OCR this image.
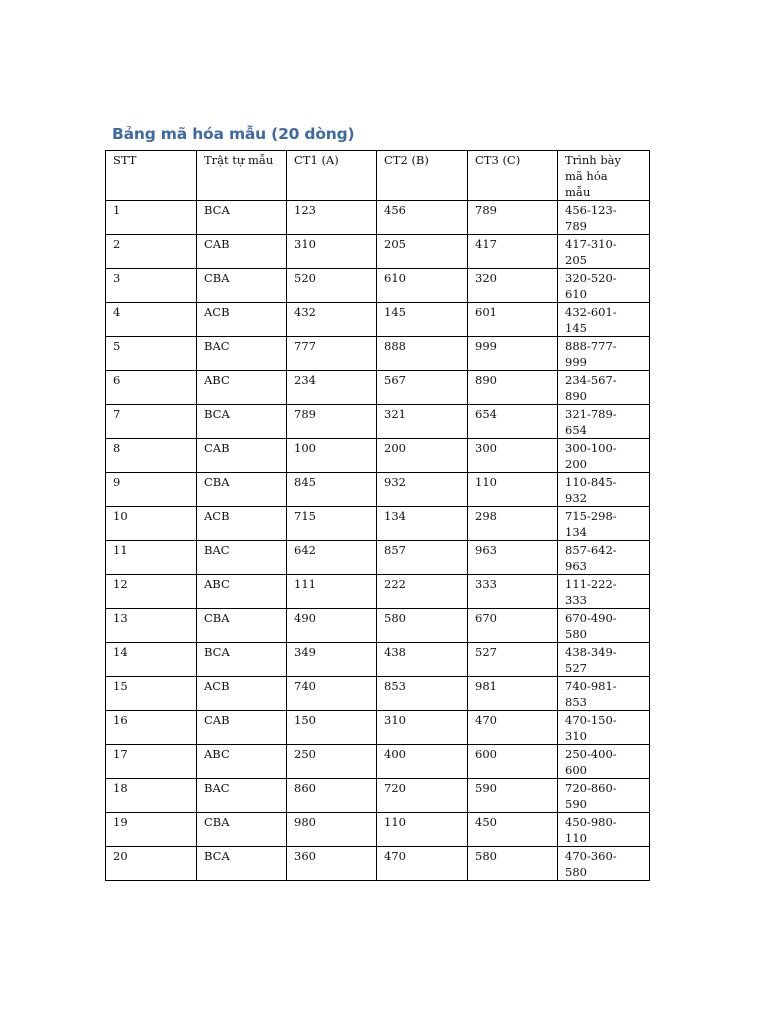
Bảng mã hóa mẫu (20 dòng)
STT	Trật tự mẫu	CT1 (A)	CT2 (B)	CT3 (C)	Trình bày mã hóa mẫu
1	BCA	123	456	789	456-123-789
2	CAB	310	205	417	417-310-205
3	CBA	520	610	320	320-520-610
4	ACB	432	145	601	432-601-145
5	BAC	777	888	999	888-777-999
6	ABC	234	567	890	234-567-890
7	BCA	789	321	654	321-789-654
8	CAB	100	200	300	300-100-200
9	CBA	845	932	110	110-845-932
10	ACB	715	134	298	715-298-134
11	BAC	642	857	963	857-642-963
12	ABC	111	222	333	111-222-333
13	CBA	490	580	670	670-490-580
14	BCA	349	438	527	438-349-527
15	ACB	740	853	981	740-981-853
16	CAB	150	310	470	470-150-310
17	ABC	250	400	600	250-400-600
18	BAC	860	720	590	720-860-590
19	CBA	980	110	450	450-980-110
20	BCA	360	470	580	470-360-580
